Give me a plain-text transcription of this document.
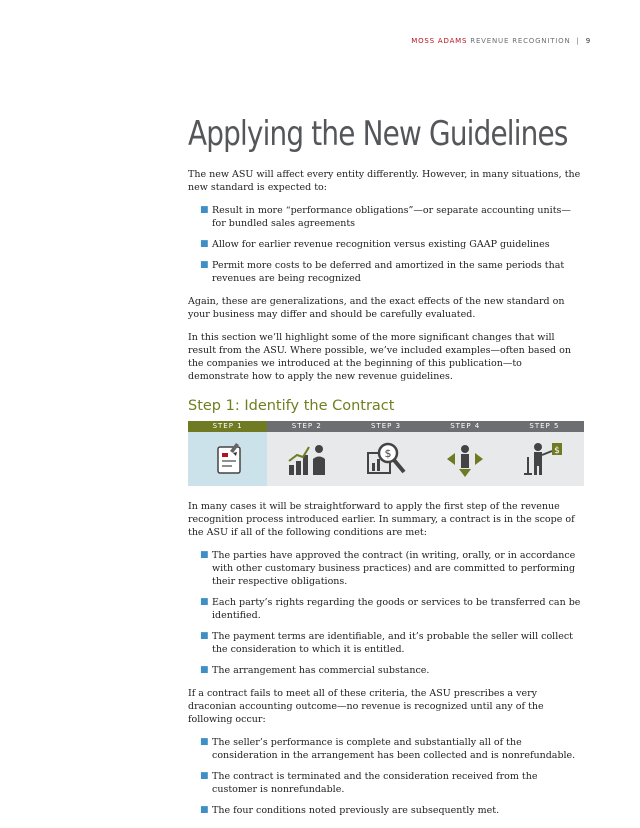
MOSS ADAMS REVENUE RECOGNITION | 9
Applying the New Guidelines

The new ASU will affect every entity differently. However, in many situations, the new standard is expected to:

■ Result in more “performance obligations”—or separate accounting units—for bundled sales agreements
■ Allow for earlier revenue recognition versus existing GAAP guidelines
■ Permit more costs to be deferred and amortized in the same periods that revenues are being recognized

Again, these are generalizations, and the exact effects of the new standard on your business may differ and should be carefully evaluated.

In this section we’ll highlight some of the more significant changes that will result from the ASU. Where possible, we’ve included examples—often based on the companies we introduced at the beginning of this publication—to demonstrate how to apply the new revenue guidelines.

Step 1: Identify the Contract
STEP 1	STEP 2	STEP 3
$
STEP 4	STEP 5
$

In many cases it will be straightforward to apply the first step of the revenue recognition process introduced earlier. In summary, a contract is in the scope of the ASU if all of the following conditions are met:

■ The parties have approved the contract (in writing, orally, or in accordance with other customary business practices) and are committed to performing their respective obligations.
■ Each party’s rights regarding the goods or services to be transferred can be identified.
■ The payment terms are identifiable, and it’s probable the seller will collect the consideration to which it is entitled.
■ The arrangement has commercial substance.

If a contract fails to meet all of these criteria, the ASU prescribes a very draconian accounting outcome—no revenue is recognized until any of the following occur:

■ The seller’s performance is complete and substantially all of the consideration in the arrangement has been collected and is nonrefundable.
■ The contract is terminated and the consideration received from the customer is nonrefundable.
■ The four conditions noted previously are subsequently met.
